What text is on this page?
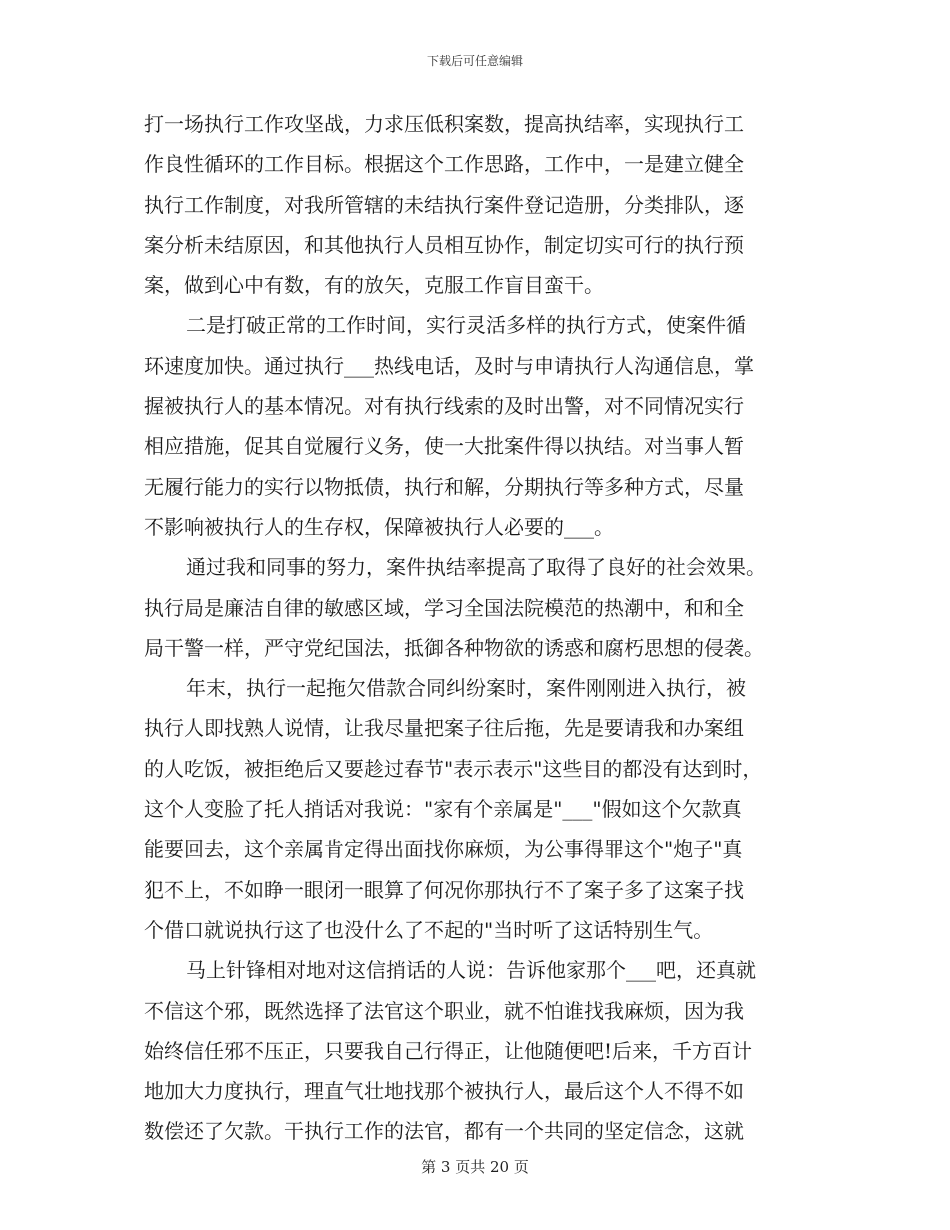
下载后可任意编辑
打一场执行工作攻坚战，力求压低积案数，提高执结率，实现执行工
作良性循环的工作目标。根据这个工作思路，工作中，一是建立健全
执行工作制度，对我所管辖的未结执行案件登记造册，分类排队，逐
案分析未结原因，和其他执行人员相互协作，制定切实可行的执行预
案，做到心中有数，有的放矢，克服工作盲目蛮干。
二是打破正常的工作时间，实行灵活多样的执行方式，使案件循
环速度加快。通过执行___热线电话，及时与申请执行人沟通信息，掌
握被执行人的基本情况。对有执行线索的及时出警，对不同情况实行
相应措施，促其自觉履行义务，使一大批案件得以执结。对当事人暂
无履行能力的实行以物抵债，执行和解，分期执行等多种方式，尽量
不影响被执行人的生存权，保障被执行人必要的___。
通过我和同事的努力，案件执结率提高了取得了良好的社会效果。
执行局是廉洁自律的敏感区域，学习全国法院模范的热潮中，和和全
局干警一样，严守党纪国法，抵御各种物欲的诱惑和腐朽思想的侵袭。
年末，执行一起拖欠借款合同纠纷案时，案件刚刚进入执行，被
执行人即找熟人说情，让我尽量把案子往后拖，先是要请我和办案组
的人吃饭，被拒绝后又要趁过春节"表示表示"这些目的都没有达到时，
这个人变脸了托人捎话对我说："家有个亲属是"___"假如这个欠款真
能要回去，这个亲属肯定得出面找你麻烦，为公事得罪这个"炮子"真
犯不上，不如睁一眼闭一眼算了何况你那执行不了案子多了这案子找
个借口就说执行这了也没什么了不起的"当时听了这话特别生气。
马上针锋相对地对这信捎话的人说：告诉他家那个___吧，还真就
不信这个邪，既然选择了法官这个职业，就不怕谁找我麻烦，因为我
始终信任邪不压正，只要我自己行得正，让他随便吧!后来，千方百计
地加大力度执行，理直气壮地找那个被执行人，最后这个人不得不如
数偿还了欠款。干执行工作的法官，都有一个共同的坚定信念，这就
第 3 页共 20 页
